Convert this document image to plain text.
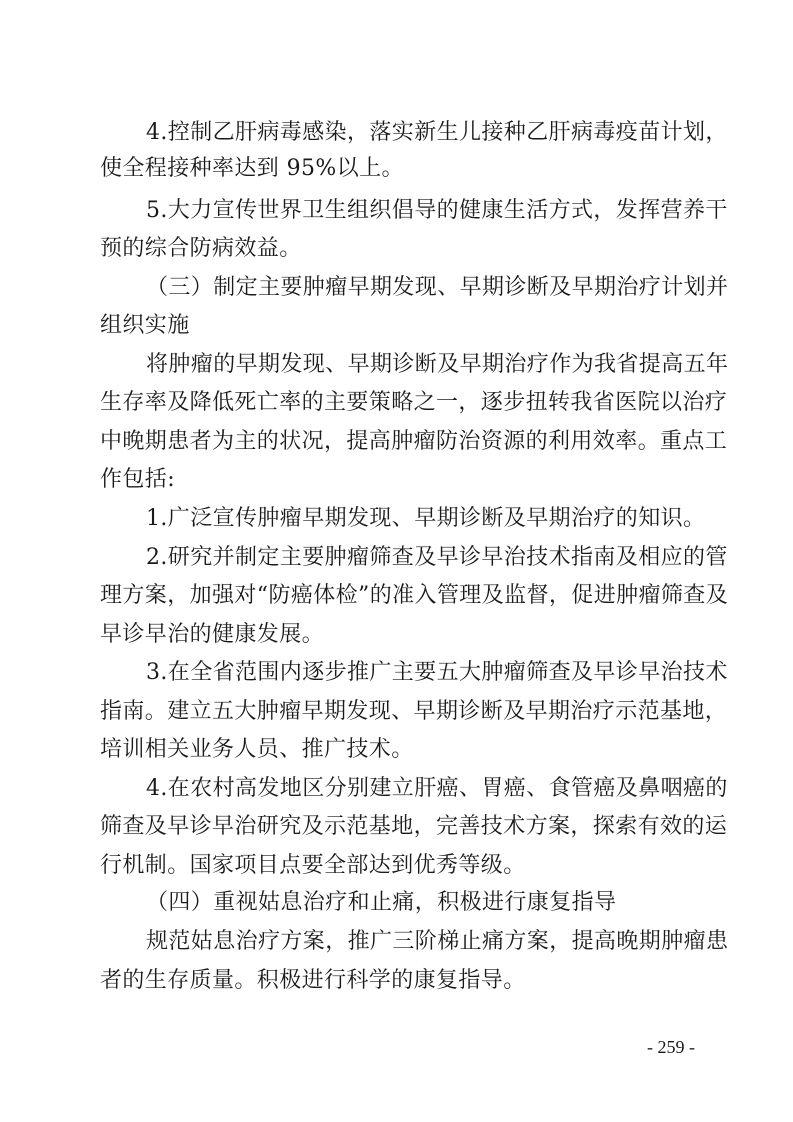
4.控制乙肝病毒感染，落实新生儿接种乙肝病毒疫苗计划，
使全程接种率达到 95%以上。
5.大力宣传世界卫生组织倡导的健康生活方式，发挥营养干
预的综合防病效益。
（三）制定主要肿瘤早期发现、早期诊断及早期治疗计划并
组织实施
将肿瘤的早期发现、早期诊断及早期治疗作为我省提高五年
生存率及降低死亡率的主要策略之一，逐步扭转我省医院以治疗
中晚期患者为主的状况，提高肿瘤防治资源的利用效率。重点工
作包括:
1.广泛宣传肿瘤早期发现、早期诊断及早期治疗的知识。
2.研究并制定主要肿瘤筛查及早诊早治技术指南及相应的管
理方案，加强对“防癌体检”的准入管理及监督，促进肿瘤筛查及
早诊早治的健康发展。
3.在全省范围内逐步推广主要五大肿瘤筛查及早诊早治技术
指南。建立五大肿瘤早期发现、早期诊断及早期治疗示范基地，
培训相关业务人员、推广技术。
4.在农村高发地区分别建立肝癌、胃癌、食管癌及鼻咽癌的
筛查及早诊早治研究及示范基地，完善技术方案，探索有效的运
行机制。国家项目点要全部达到优秀等级。
（四）重视姑息治疗和止痛，积极进行康复指导
规范姑息治疗方案，推广三阶梯止痛方案，提高晚期肿瘤患
者的生存质量。积极进行科学的康复指导。
- 259 -
